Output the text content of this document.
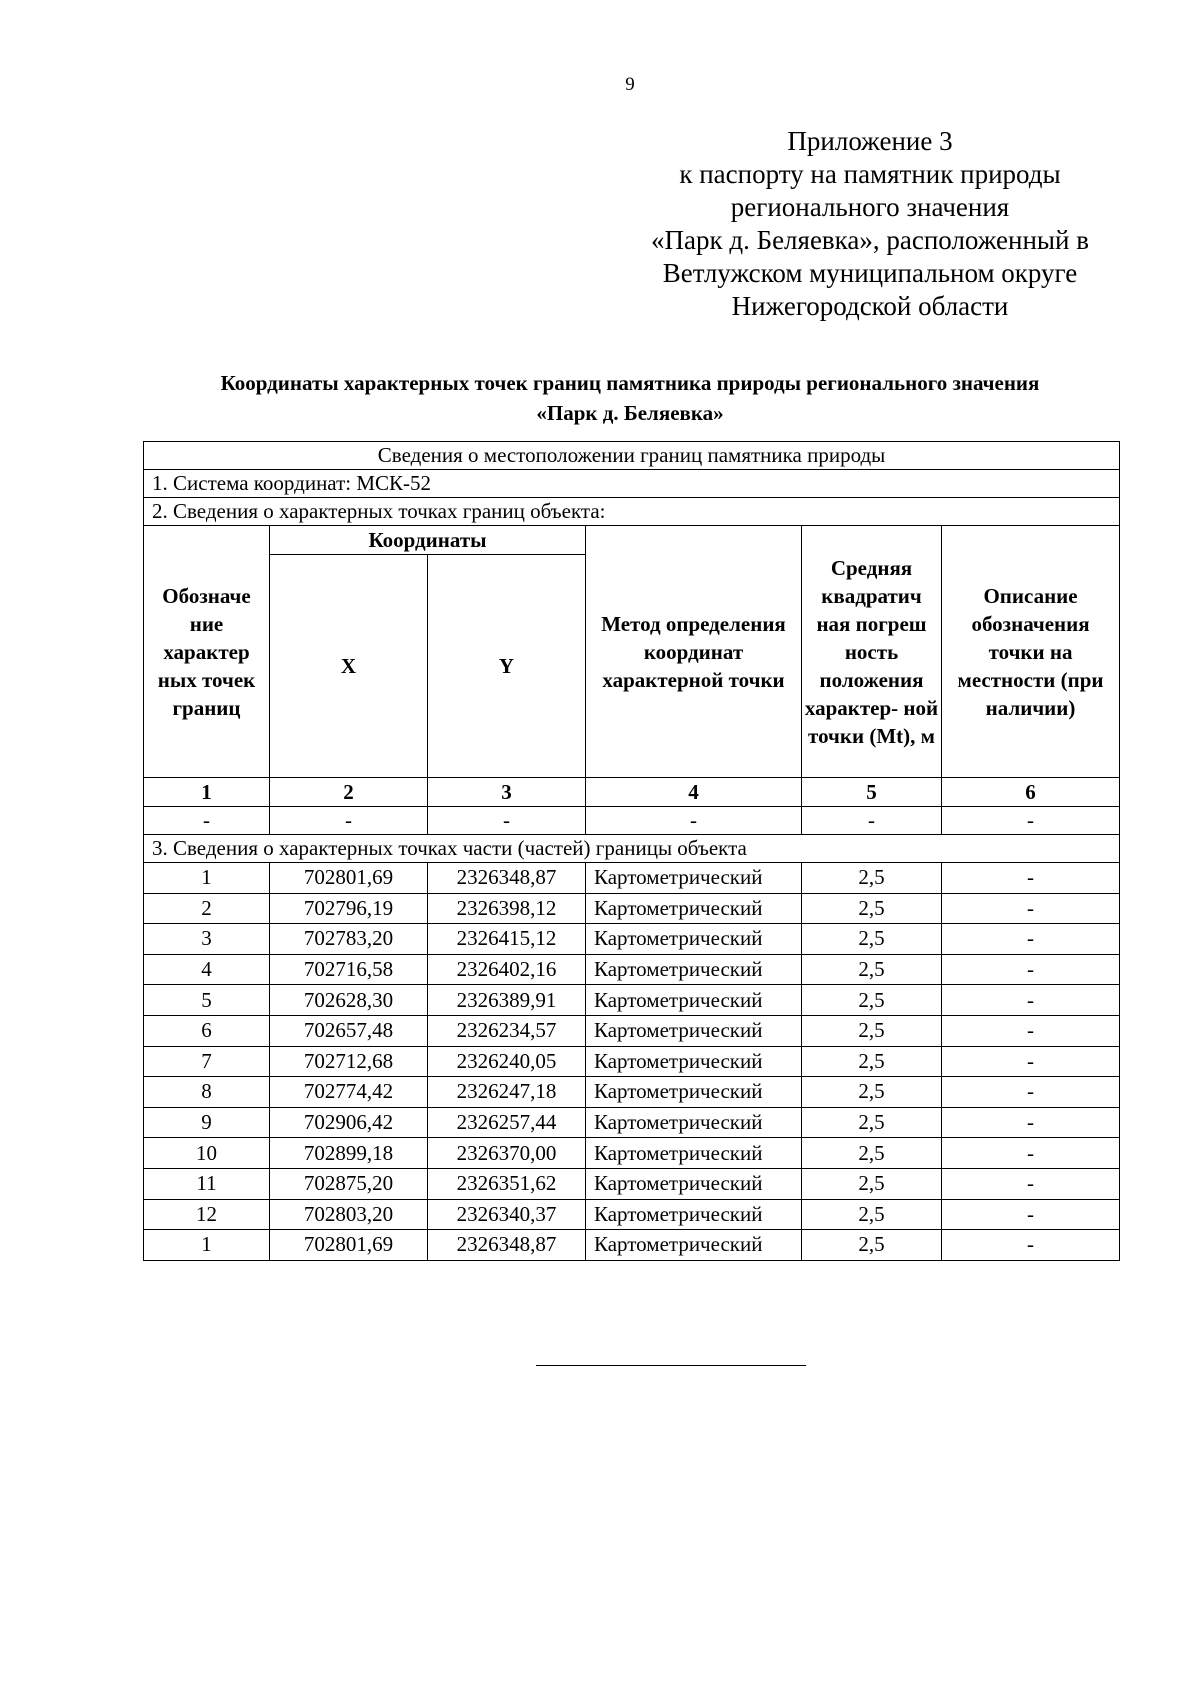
9
Приложение 3
к паспорту на памятник природы
регионального значения
«Парк д. Беляевка», расположенный в
Ветлужском муниципальном округе
Нижегородской области
Координаты характерных точек границ памятника природы регионального значения
«Парк д. Беляевка»
Сведения о местоположении границ памятника природы					
1. Система координат: МСК-52					
2. Сведения о характерных точках границ объекта:					
Обозначе ние характер ных точек границ	Координаты		Метод определения координат характерной точки	Средняя квадратич ная погреш ность положения характер- ной точки (Mt), м	Описание обозначения точки на местности (при наличии)
	X	Y			
1	2	3	4	5	6
-	-	-	-	-	-
3. Сведения о характерных точках части (частей) границы объекта					
1	702801,69	2326348,87	Картометрический	2,5	-
2	702796,19	2326398,12	Картометрический	2,5	-
3	702783,20	2326415,12	Картометрический	2,5	-
4	702716,58	2326402,16	Картометрический	2,5	-
5	702628,30	2326389,91	Картометрический	2,5	-
6	702657,48	2326234,57	Картометрический	2,5	-
7	702712,68	2326240,05	Картометрический	2,5	-
8	702774,42	2326247,18	Картометрический	2,5	-
9	702906,42	2326257,44	Картометрический	2,5	-
10	702899,18	2326370,00	Картометрический	2,5	-
11	702875,20	2326351,62	Картометрический	2,5	-
12	702803,20	2326340,37	Картометрический	2,5	-
1	702801,69	2326348,87	Картометрический	2,5	-
